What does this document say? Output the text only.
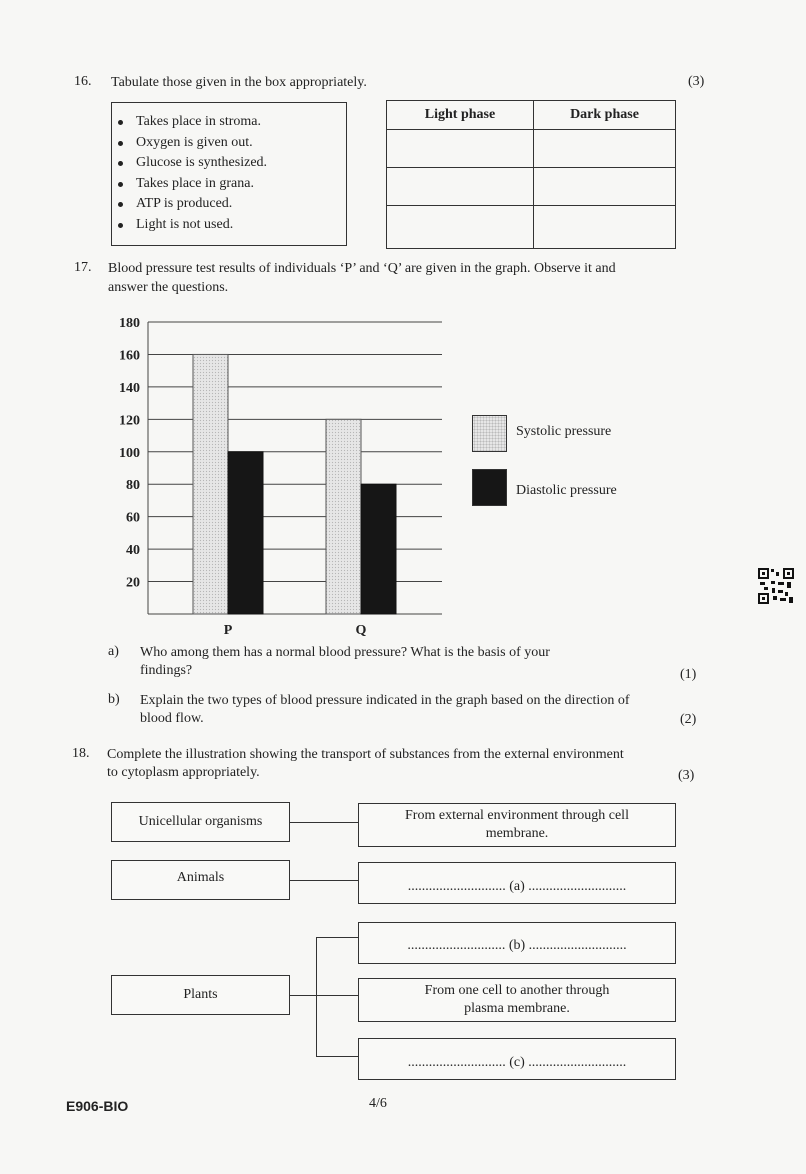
16. Tabulate those given in the box appropriately.	(3)
Takes place in stroma.
Oxygen is given out.
Glucose is synthesized.
Takes place in grana.
ATP is produced.
Light is not used.
Light phase	Dark phase

17. Blood pressure test results of individuals ‘P’ and ‘Q’ are given in the graph. Observe it and
answer the questions.
20
40
60
80
100
120
140
160
180
P	Q
Systolic pressure
Diastolic pressure
a) Who among them has a normal blood pressure? What is the basis of your
findings?	(1)
b) Explain the two types of blood pressure indicated in the graph based on the direction of
blood flow.	(2)
18. Complete the illustration showing the transport of substances from the external environment
to cytoplasm appropriately.	(3)
Unicellular organisms
Animals
Plants
From external environment through cell membrane.
............................ (a) ............................
............................ (b) ............................
From one cell to another through plasma membrane.
............................ (c) ............................
E906-BIO	4/6
